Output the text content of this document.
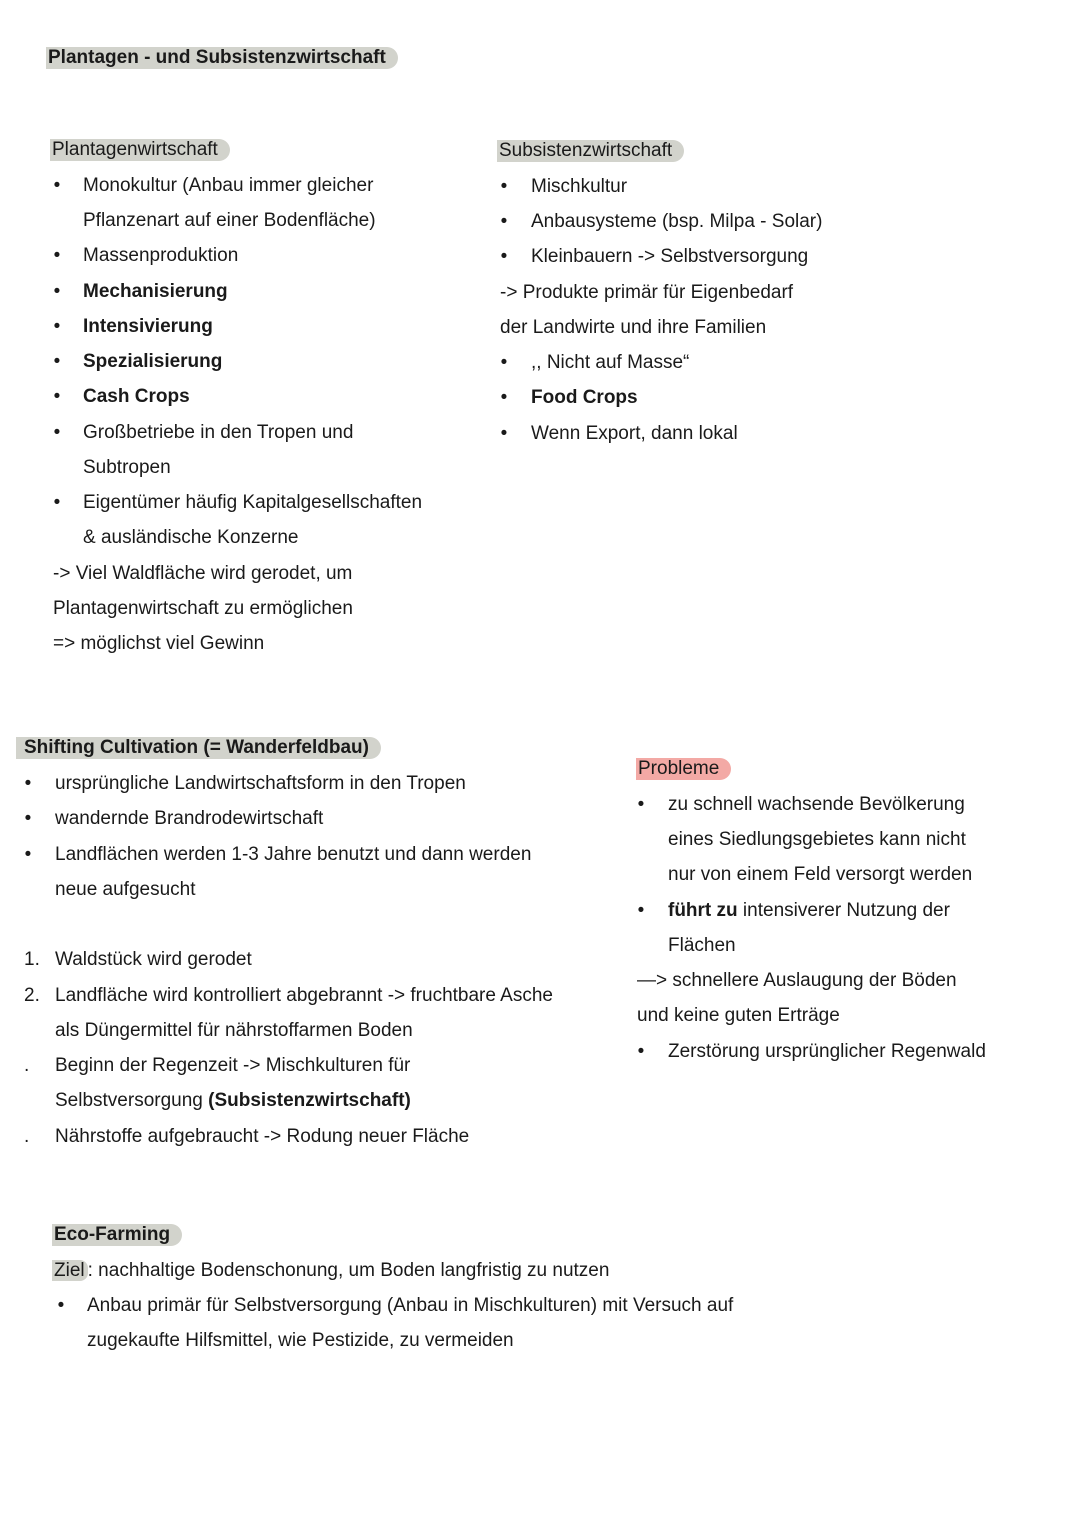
Plantagen - und Subsistenzwirtschaft
Plantagenwirtschaft
• Monokultur (Anbau immer gleicher
Pflanzenart auf einer Bodenfläche)
• Massenproduktion
• Mechanisierung
• Intensivierung
• Spezialisierung
• Cash Crops
• Großbetriebe in den Tropen und
Subtropen
• Eigentümer häufig Kapitalgesellschaften
& ausländische Konzerne
-> Viel Waldfläche wird gerodet, um
Plantagenwirtschaft zu ermöglichen
=> möglichst viel Gewinn
Subsistenzwirtschaft
• Mischkultur
• Anbausysteme (bsp. Milpa - Solar)
• Kleinbauern -> Selbstversorgung
-> Produkte primär für Eigenbedarf
der Landwirte und ihre Familien
• ,, Nicht auf Masse“
• Food Crops
• Wenn Export, dann lokal
Shifting Cultivation (= Wanderfeldbau)
• ursprüngliche Landwirtschaftsform in den Tropen
• wandernde Brandrodewirtschaft
• Landflächen werden 1-3 Jahre benutzt und dann werden
neue aufgesucht
1. Waldstück wird gerodet
2. Landfläche wird kontrolliert abgebrannt -> fruchtbare Asche
als Düngermittel für nährstoffarmen Boden
. Beginn der Regenzeit -> Mischkulturen für
Selbstversorgung (Subsistenzwirtschaft)
. Nährstoffe aufgebraucht -> Rodung neuer Fläche
Probleme
• zu schnell wachsende Bevölkerung
eines Siedlungsgebietes kann nicht
nur von einem Feld versorgt werden
• führt zu intensiverer Nutzung der
Flächen
—> schnellere Auslaugung der Böden
und keine guten Erträge
• Zerstörung ursprünglicher Regenwald
Eco-Farming
Ziel : nachhaltige Bodenschonung, um Boden langfristig zu nutzen
• Anbau primär für Selbstversorgung (Anbau in Mischkulturen) mit Versuch auf
zugekaufte Hilfsmittel, wie Pestizide, zu vermeiden
